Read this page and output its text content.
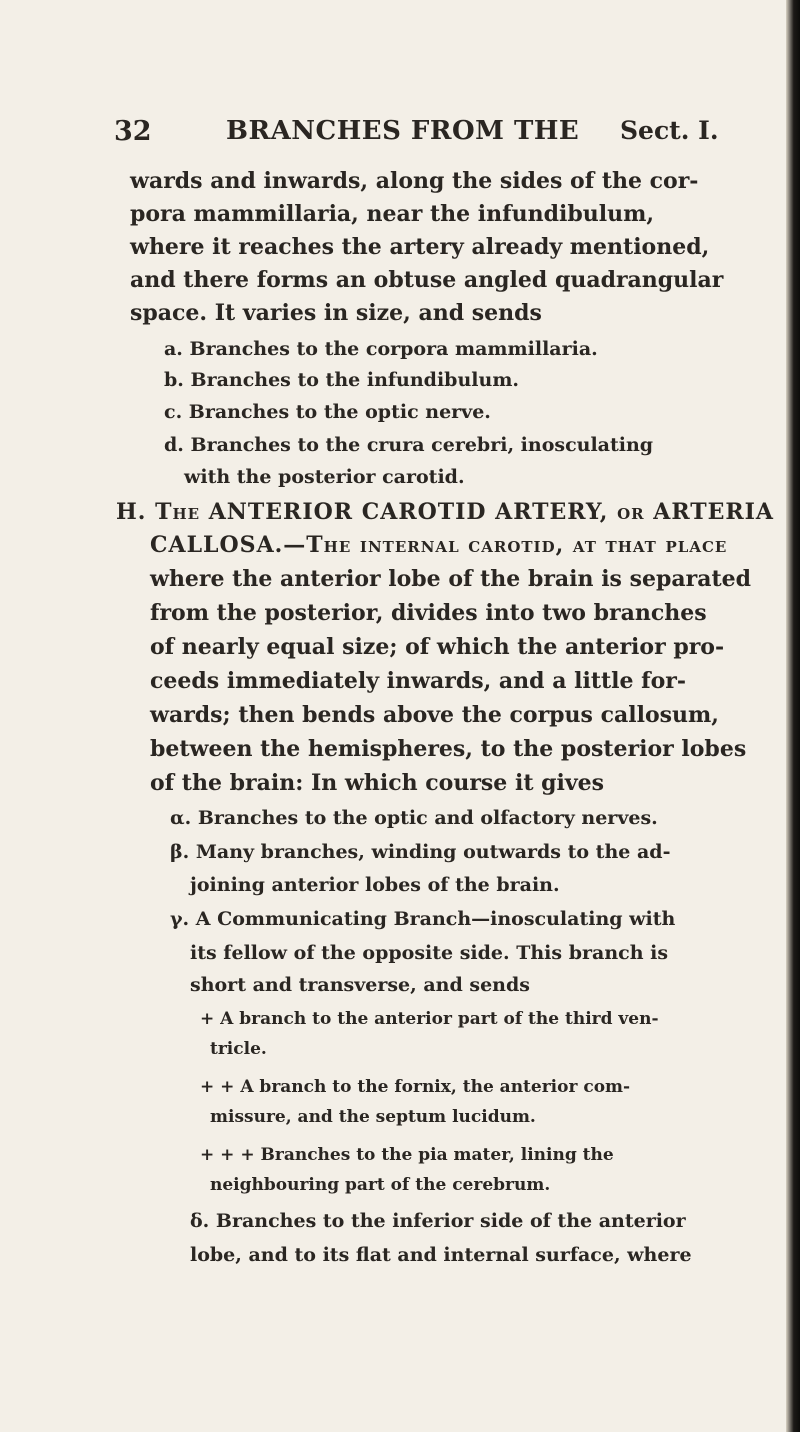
32	BRANCHES FROM THE Sect. I.
wards and inwards, along the sides of the cor-
pora mammillaria, near the infundibulum,
where it reaches the artery already mentioned,
and there forms an obtuse angled quadrangular
space. It varies in size, and sends
a. Branches to the corpora mammillaria.
b. Branches to the infundibulum.
c. Branches to the optic nerve.
d. Branches to the crura cerebri, inosculating
with the posterior carotid.
H. The ANTERIOR CAROTID ARTERY, or ARTERIA
CALLOSA.—The internal carotid, at that place
where the anterior lobe of the brain is separated
from the posterior, divides into two branches
of nearly equal size; of which the anterior pro-
ceeds immediately inwards, and a little for-
wards; then bends above the corpus callosum,
between the hemispheres, to the posterior lobes
of the brain: In which course it gives
α. Branches to the optic and olfactory nerves.
β. Many branches, winding outwards to the ad-
joining anterior lobes of the brain.
γ. A Communicating Branch—inosculating with
its fellow of the opposite side. This branch is
short and transverse, and sends
+ A branch to the anterior part of the third ven-
tricle.
+ + A branch to the fornix, the anterior com-
missure, and the septum lucidum.
+ + + Branches to the pia mater, lining the
neighbouring part of the cerebrum.
δ. Branches to the inferior side of the anterior
lobe, and to its flat and internal surface, where
